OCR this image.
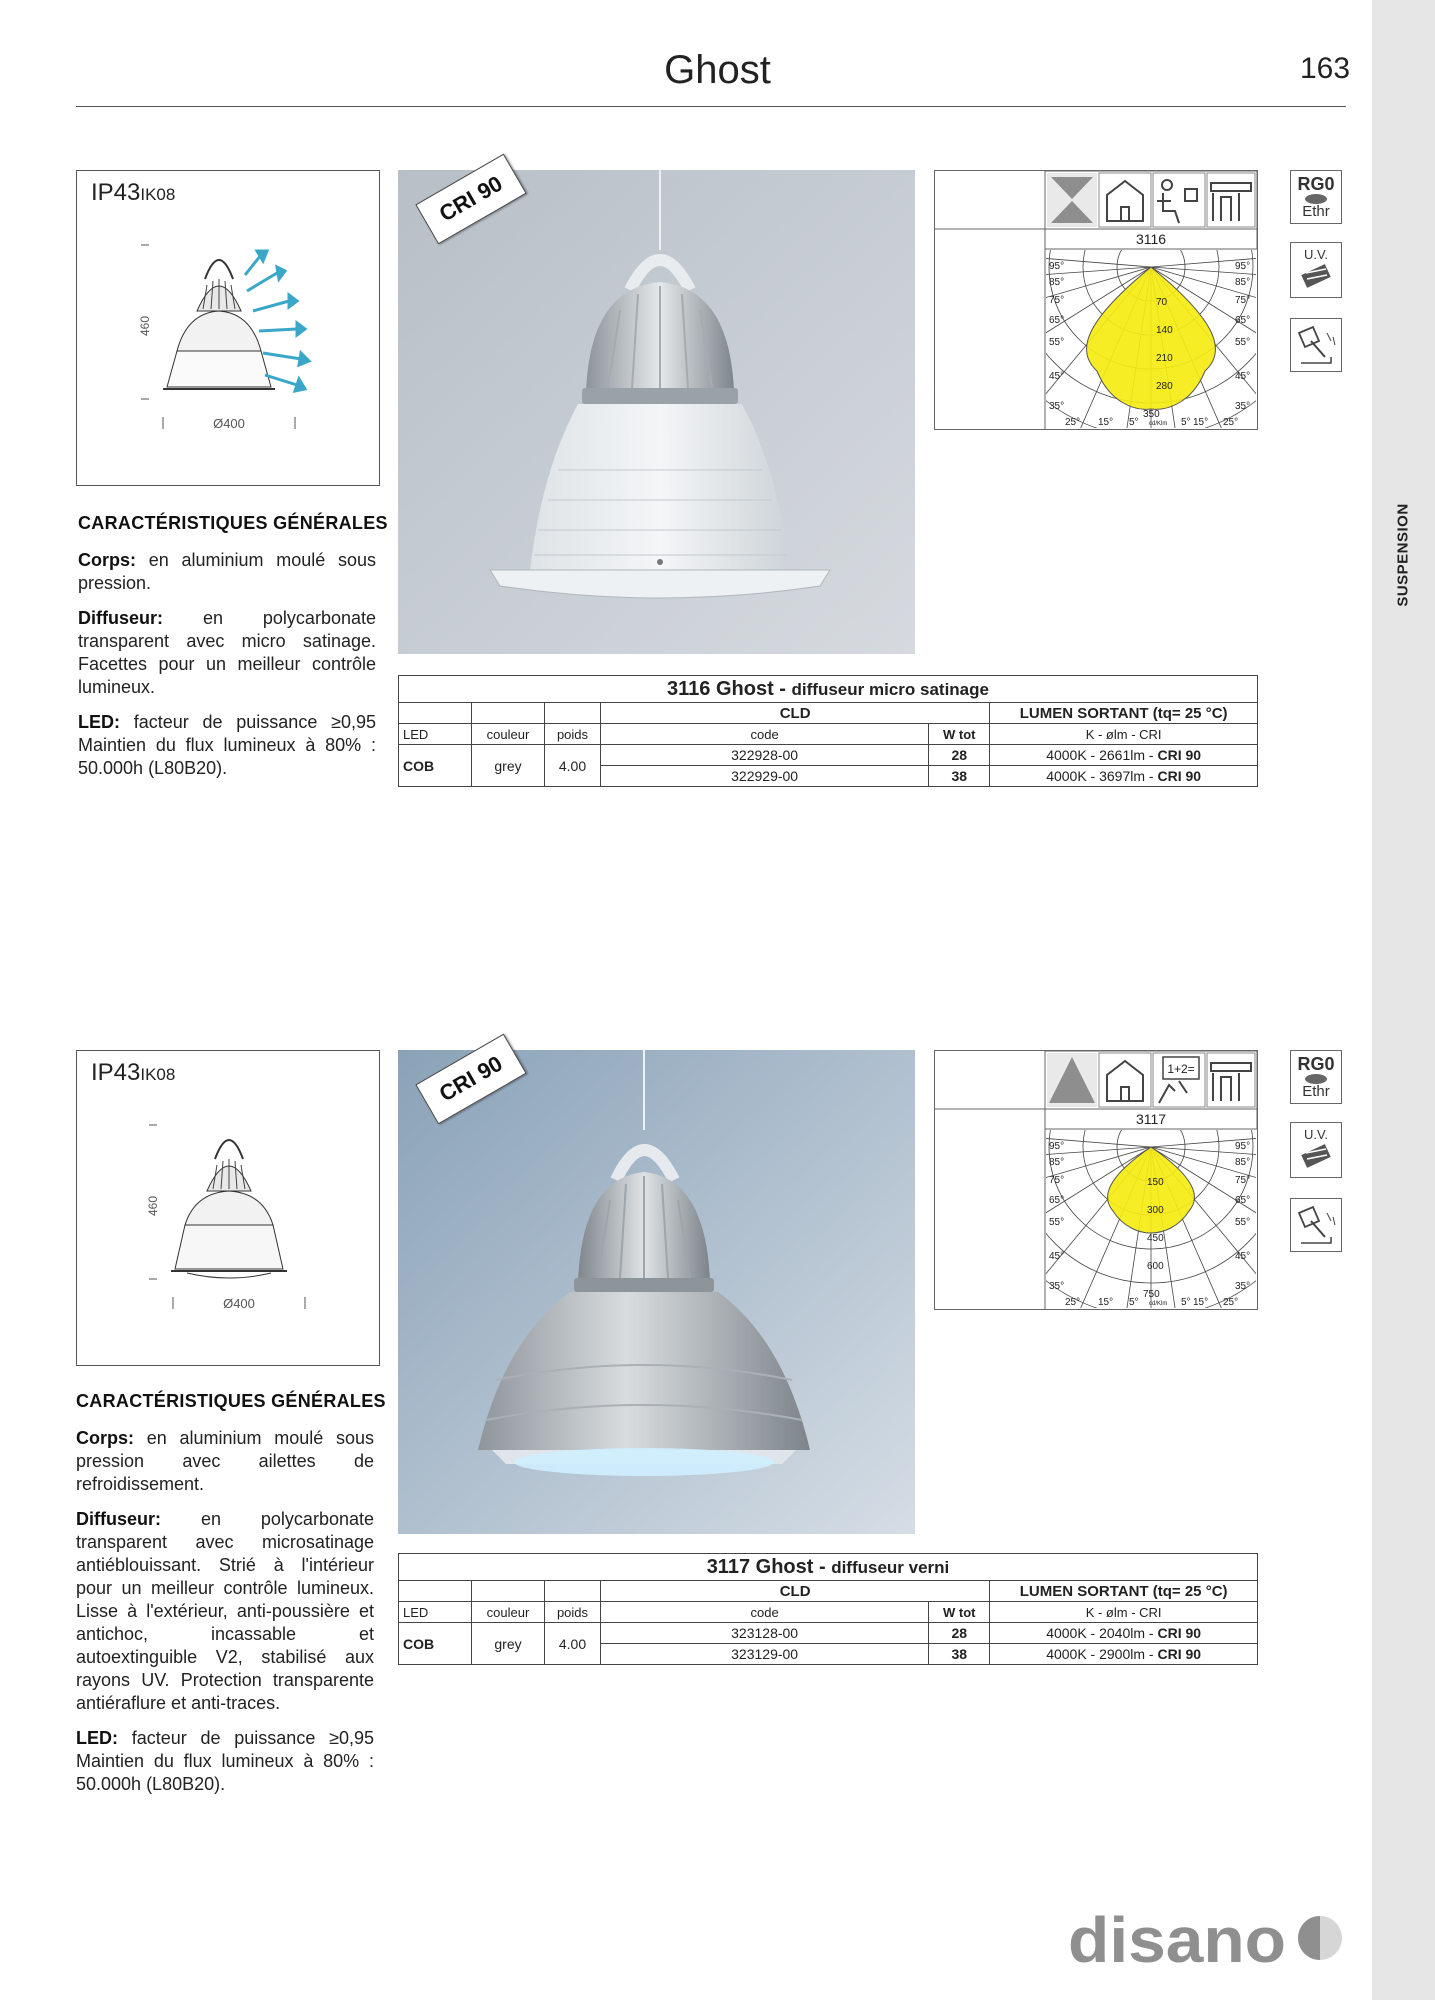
SUSPENSION
Ghost	163
IP43IK08
460
Ø400
CRI 90
3116
95°
85°
75°
65°
55°
45°
35°
95°
85°
75°
65°
55°
45°
35°
70
140
210
280
350
25° 15° 5°	5° 15° 25°
cd/Klm
RG0
Ethr
U.V.
CARACTÉRISTIQUES GÉNÉRALES

Corps: en aluminium moulé sous pression.

Diffuseur: en polycarbonate transparent avec micro satinage. Facettes pour un meilleur contrôle lumineux.

LED: facteur de puissance ≥0,95 Maintien du flux lumineux à 80% : 50.000h (L80B20).

3116 Ghost - diffuseur micro satinage					
			CLD		LUMEN SORTANT (tq= 25 °C)
LED	couleur	poids	code	W tot	K - ølm - CRI
COB	grey	4.00	322928-00	28	4000K - 2661lm - CRI 90
			322929-00	38	4000K - 3697lm - CRI 90
IP43IK08
460
Ø400
CRI 90	1+2=
3117
95°
85°
75°
65°
55°
45°
35°
95°
85°
75°
65°
55°
45°
35°
150
300
450
600
750
25° 15° 5°	5° 15° 25°
cd/Klm
RG0
Ethr
U.V.
CARACTÉRISTIQUES GÉNÉRALES

Corps: en aluminium moulé sous pression avec ailettes de refroidissement.

Diffuseur: en polycarbonate transparent avec microsatinage antiéblouissant. Strié à l'intérieur pour un meilleur contrôle lumineux. Lisse à l'extérieur, anti-poussière et antichoc, incassable et autoextinguible V2, stabilisé aux rayons UV. Protection transparente antiéraflure et anti-traces.

LED: facteur de puissance ≥0,95 Maintien du flux lumineux à 80% : 50.000h (L80B20).

3117 Ghost - diffuseur verni					
			CLD		LUMEN SORTANT (tq= 25 °C)
LED	couleur	poids	code	W tot	K - ølm - CRI
COB	grey	4.00	323128-00	28	4000K - 2040lm - CRI 90
			323129-00	38	4000K - 2900lm - CRI 90
disano
